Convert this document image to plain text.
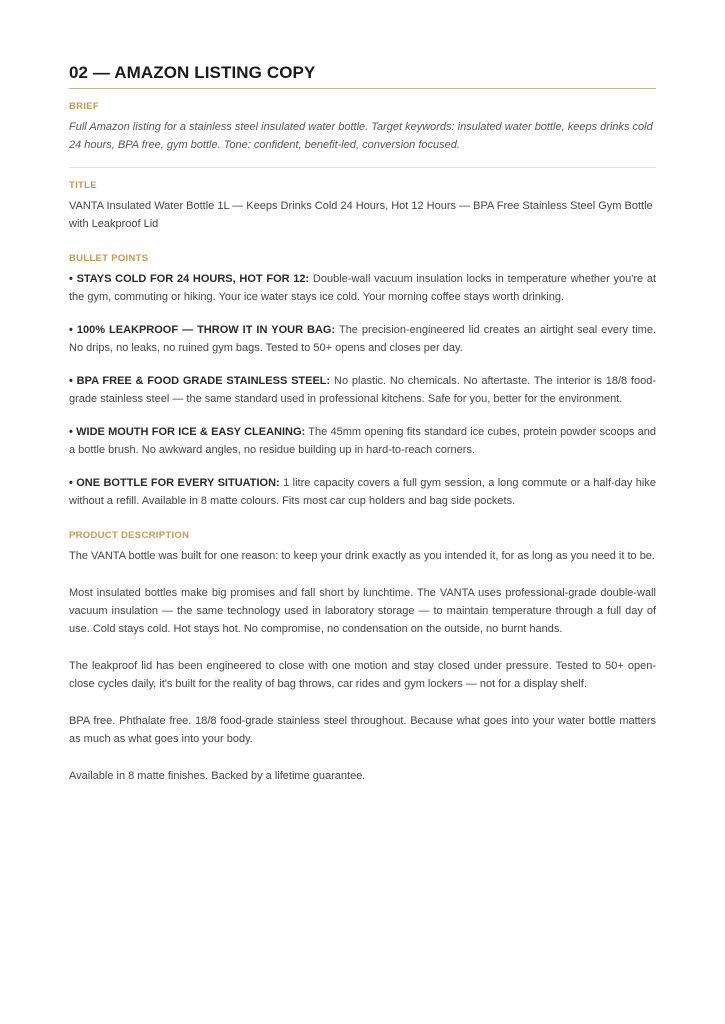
02 — AMAZON LISTING COPY
BRIEF

Full Amazon listing for a stainless steel insulated water bottle. Target keywords: insulated water bottle, keeps drinks cold 24 hours, BPA free, gym bottle. Tone: confident, benefit-led, conversion focused.

TITLE

VANTA Insulated Water Bottle 1L — Keeps Drinks Cold 24 Hours, Hot 12 Hours — BPA Free Stainless Steel Gym Bottle with Leakproof Lid

BULLET POINTS

• STAYS COLD FOR 24 HOURS, HOT FOR 12: Double-wall vacuum insulation locks in temperature whether you're at the gym, commuting or hiking. Your ice water stays ice cold. Your morning coffee stays worth drinking.

• 100% LEAKPROOF — THROW IT IN YOUR BAG: The precision-engineered lid creates an airtight seal every time. No drips, no leaks, no ruined gym bags. Tested to 50+ opens and closes per day.

• BPA FREE & FOOD GRADE STAINLESS STEEL: No plastic. No chemicals. No aftertaste. The interior is 18/8 food-grade stainless steel — the same standard used in professional kitchens. Safe for you, better for the environment.

• WIDE MOUTH FOR ICE & EASY CLEANING: The 45mm opening fits standard ice cubes, protein powder scoops and a bottle brush. No awkward angles, no residue building up in hard-to-reach corners.

• ONE BOTTLE FOR EVERY SITUATION: 1 litre capacity covers a full gym session, a long commute or a half-day hike without a refill. Available in 8 matte colours. Fits most car cup holders and bag side pockets.

PRODUCT DESCRIPTION

The VANTA bottle was built for one reason: to keep your drink exactly as you intended it, for as long as you need it to be.

Most insulated bottles make big promises and fall short by lunchtime. The VANTA uses professional-grade double-wall vacuum insulation — the same technology used in laboratory storage — to maintain temperature through a full day of use. Cold stays cold. Hot stays hot. No compromise, no condensation on the outside, no burnt hands.

The leakproof lid has been engineered to close with one motion and stay closed under pressure. Tested to 50+ open-close cycles daily, it's built for the reality of bag throws, car rides and gym lockers — not for a display shelf.

BPA free. Phthalate free. 18/8 food-grade stainless steel throughout. Because what goes into your water bottle matters as much as what goes into your body.

Available in 8 matte finishes. Backed by a lifetime guarantee.
